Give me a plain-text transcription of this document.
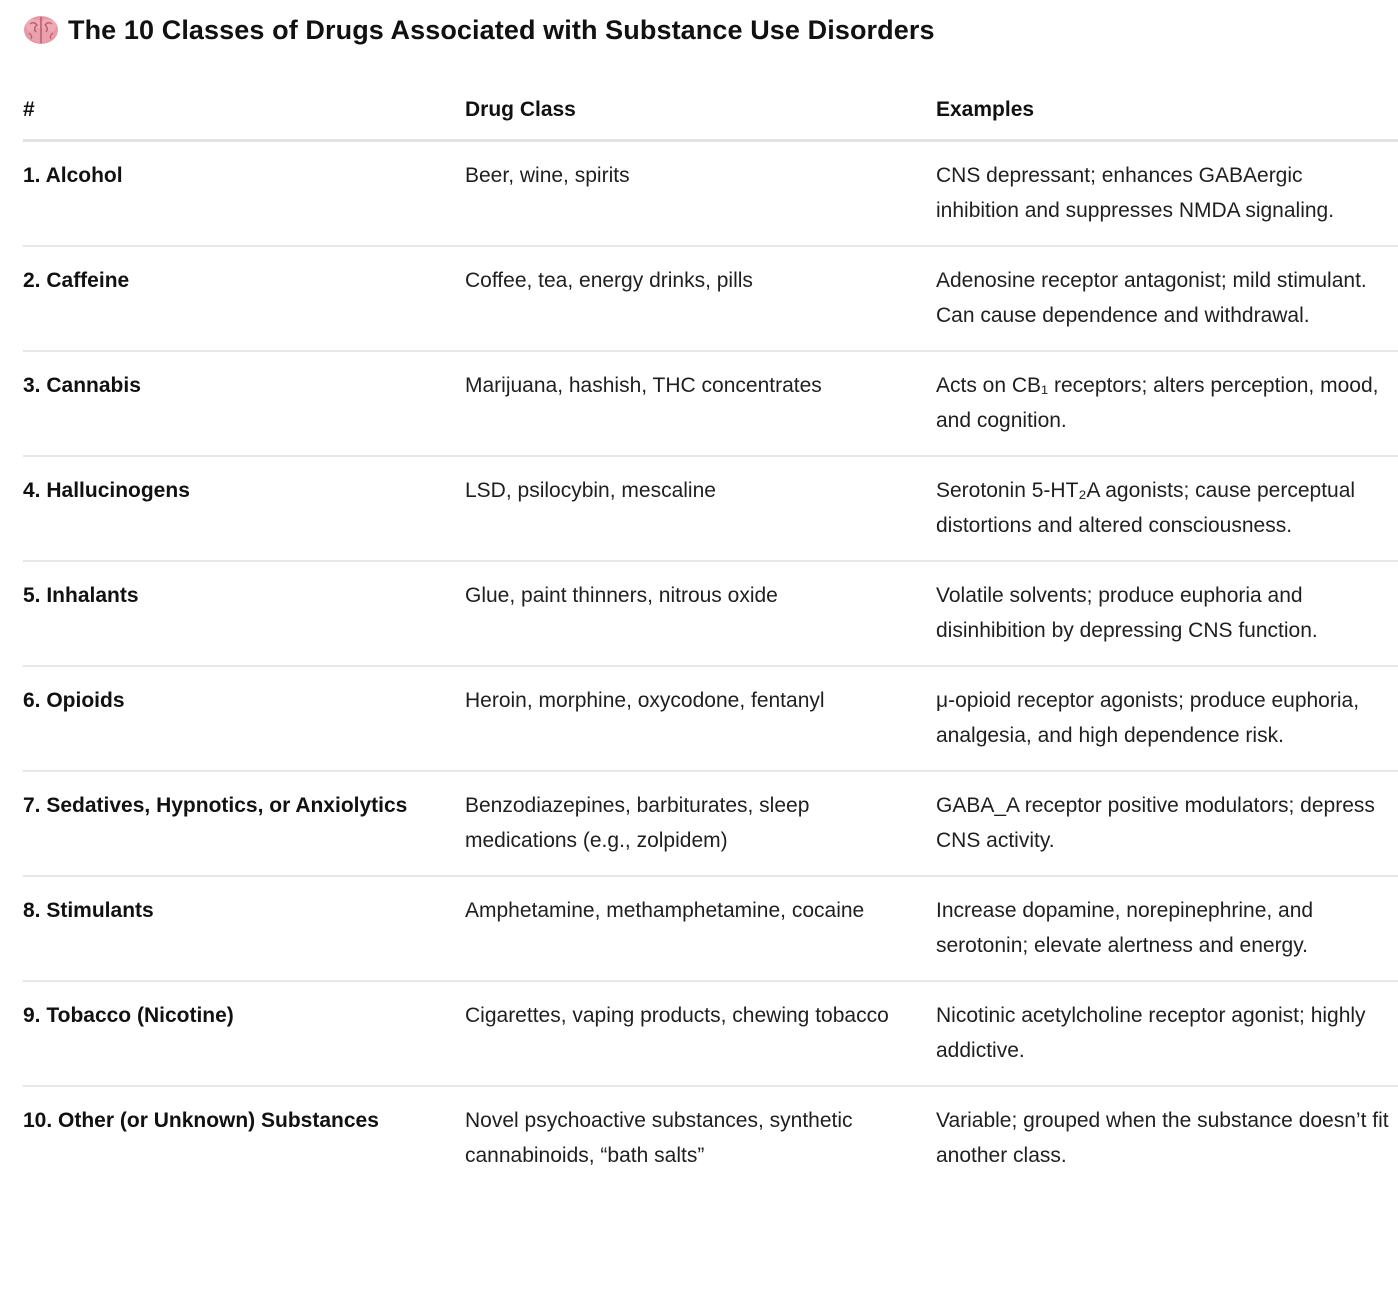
The 10 Classes of Drugs Associated with Substance Use Disorders
#	Drug Class	Examples
1. Alcohol	Beer, wine, spirits	CNS depressant; enhances GABAergic inhibition and suppresses NMDA signaling.
2. Caffeine	Coffee, tea, energy drinks, pills	Adenosine receptor antagonist; mild stimulant. Can cause dependence and withdrawal.
3. Cannabis	Marijuana, hashish, THC concentrates	Acts on CB₁ receptors; alters perception, mood, and cognition.
4. Hallucinogens	LSD, psilocybin, mescaline	Serotonin 5-HT₂A agonists; cause perceptual distortions and altered consciousness.
5. Inhalants	Glue, paint thinners, nitrous oxide	Volatile solvents; produce euphoria and disinhibition by depressing CNS function.
6. Opioids	Heroin, morphine, oxycodone, fentanyl	μ-opioid receptor agonists; produce euphoria, analgesia, and high dependence risk.
7. Sedatives, Hypnotics, or Anxiolytics	Benzodiazepines, barbiturates, sleep medications (e.g., zolpidem)	GABA_A receptor positive modulators; depress CNS activity.
8. Stimulants	Amphetamine, methamphetamine, cocaine	Increase dopamine, norepinephrine, and serotonin; elevate alertness and energy.
9. Tobacco (Nicotine)	Cigarettes, vaping products, chewing tobacco	Nicotinic acetylcholine receptor agonist; highly addictive.
10. Other (or Unknown) Substances	Novel psychoactive substances, synthetic cannabinoids, “bath salts”	Variable; grouped when the substance doesn’t fit another class.
